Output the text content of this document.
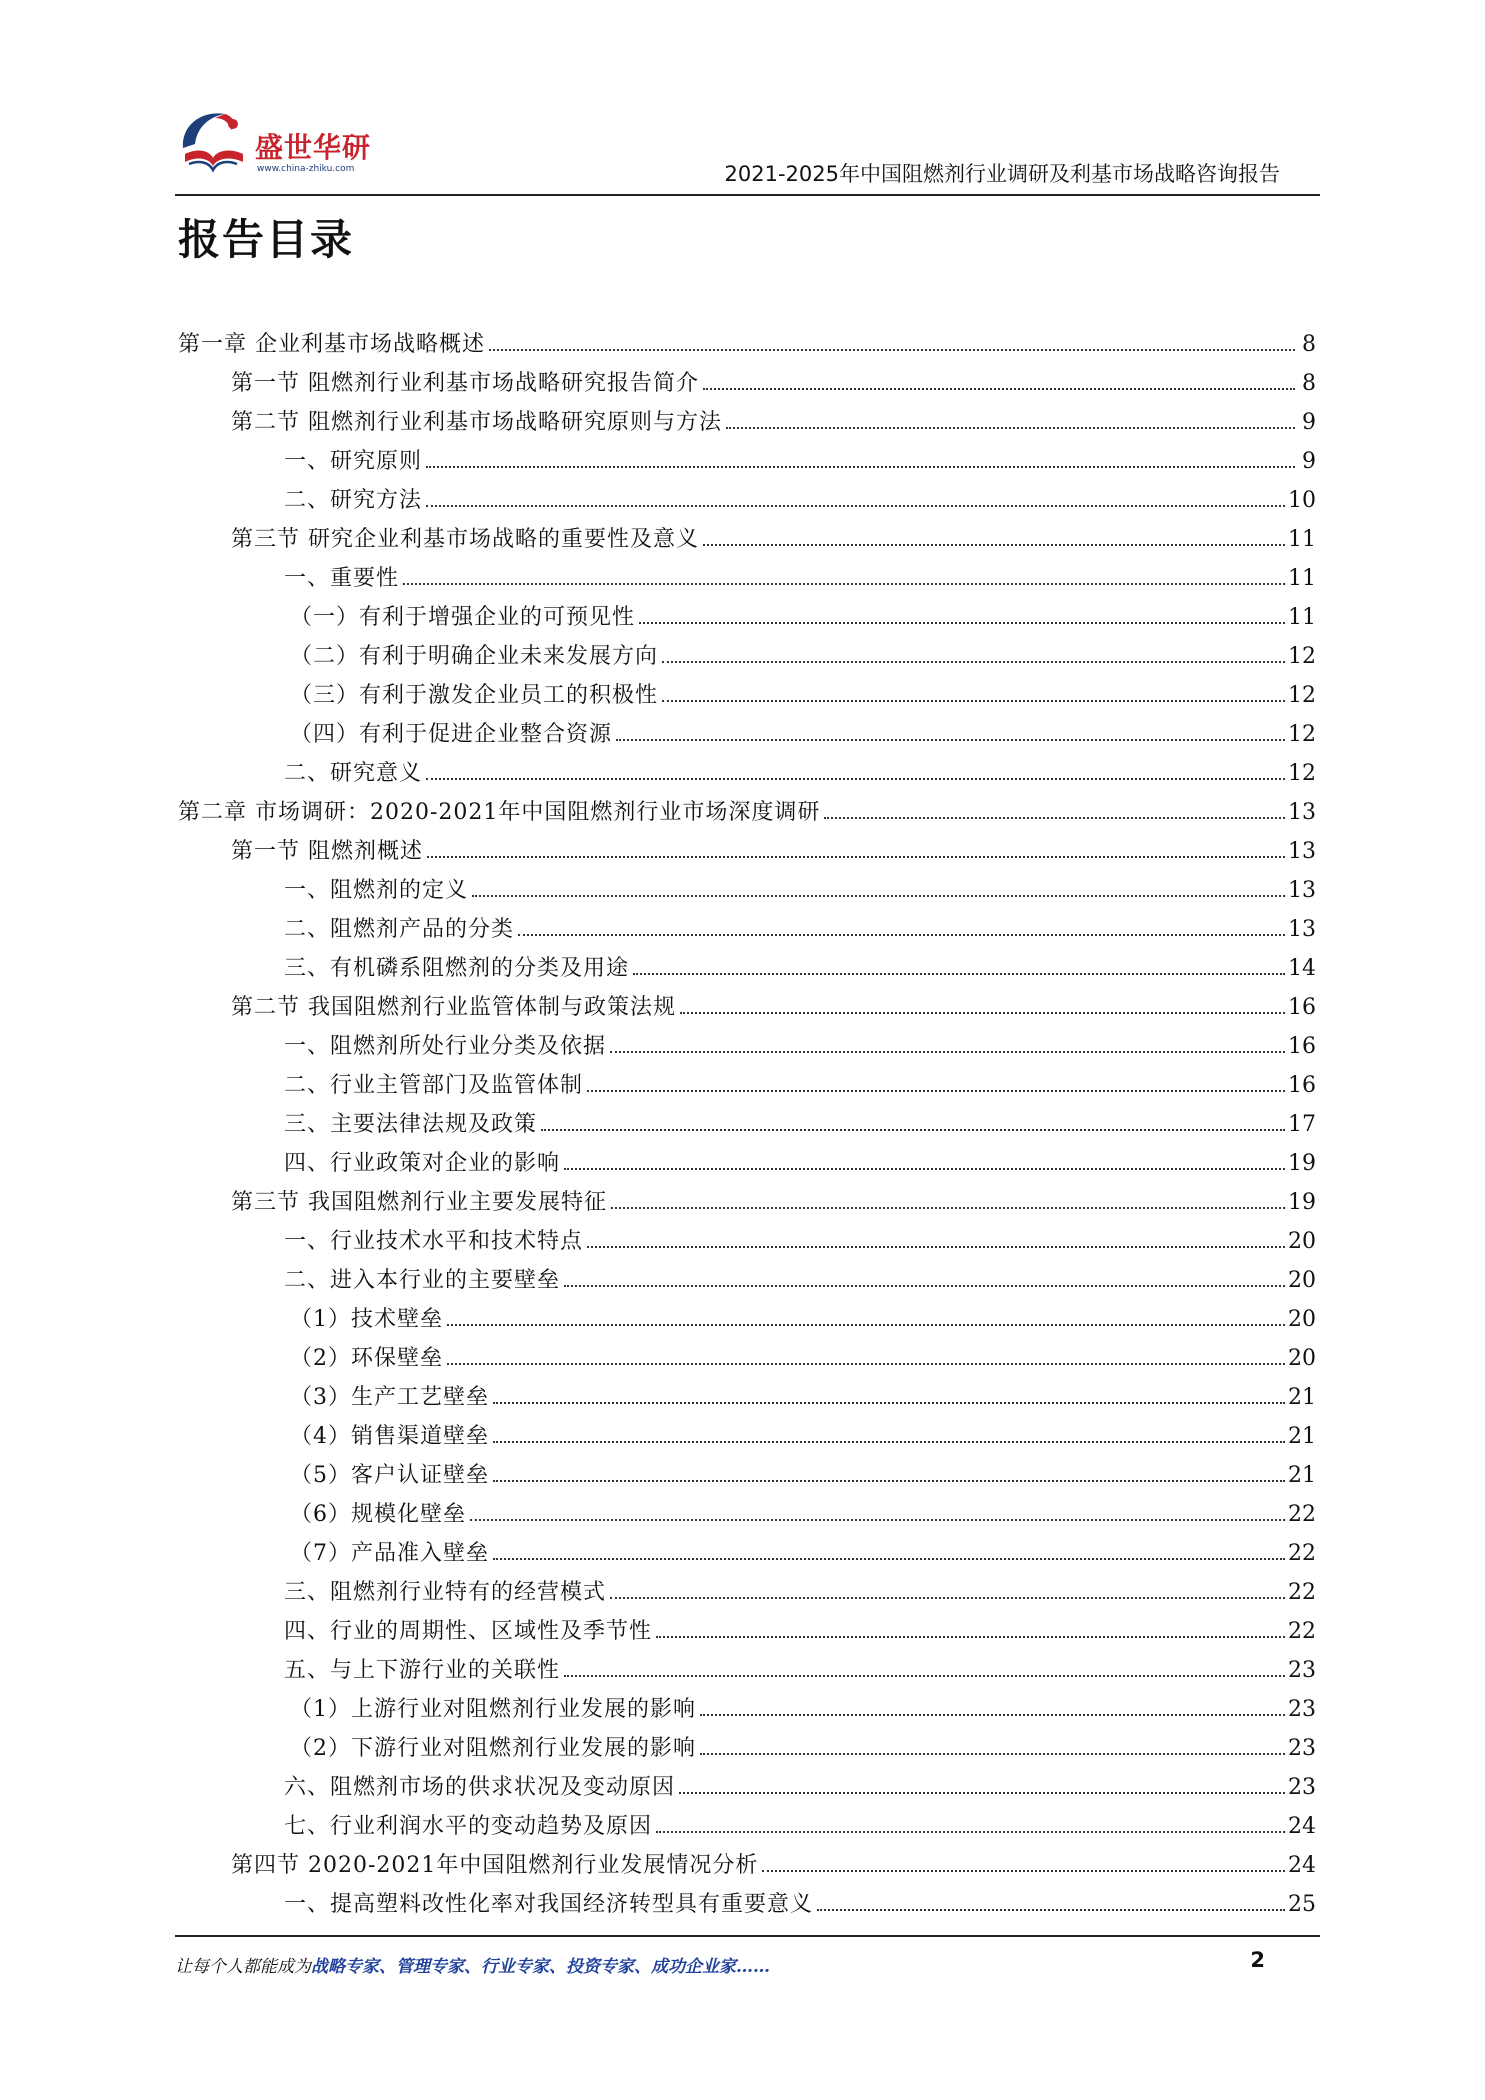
盛世华研
www.china-zhiku.com	2021-2025年中国阻燃剂行业调研及利基市场战略咨询报告
报告目录
第一章 企业利基市场战略概述	8
第一节 阻燃剂行业利基市场战略研究报告简介	8
第二节 阻燃剂行业利基市场战略研究原则与方法	9
一、研究原则	9
二、研究方法	10
第三节 研究企业利基市场战略的重要性及意义	11
一、重要性	11
（一）有利于增强企业的可预见性	11
（二）有利于明确企业未来发展方向	12
（三）有利于激发企业员工的积极性	12
（四）有利于促进企业整合资源	12
二、研究意义	12
第二章 市场调研：2020-2021年中国阻燃剂行业市场深度调研	13
第一节 阻燃剂概述	13
一、阻燃剂的定义	13
二、阻燃剂产品的分类	13
三、有机磷系阻燃剂的分类及用途	14
第二节 我国阻燃剂行业监管体制与政策法规	16
一、阻燃剂所处行业分类及依据	16
二、行业主管部门及监管体制	16
三、主要法律法规及政策	17
四、行业政策对企业的影响	19
第三节 我国阻燃剂行业主要发展特征	19
一、行业技术水平和技术特点	20
二、进入本行业的主要壁垒	20
（1）技术壁垒	20
（2）环保壁垒	20
（3）生产工艺壁垒	21
（4）销售渠道壁垒	21
（5）客户认证壁垒	21
（6）规模化壁垒	22
（7）产品准入壁垒	22
三、阻燃剂行业特有的经营模式	22
四、行业的周期性、区域性及季节性	22
五、与上下游行业的关联性	23
（1）上游行业对阻燃剂行业发展的影响	23
（2）下游行业对阻燃剂行业发展的影响	23
六、阻燃剂市场的供求状况及变动原因	23
七、行业利润水平的变动趋势及原因	24
第四节 2020-2021年中国阻燃剂行业发展情况分析	24
一、提高塑料改性化率对我国经济转型具有重要意义	25
让每个人都能成为战略专家、管理专家、行业专家、投资专家、成功企业家……	2
